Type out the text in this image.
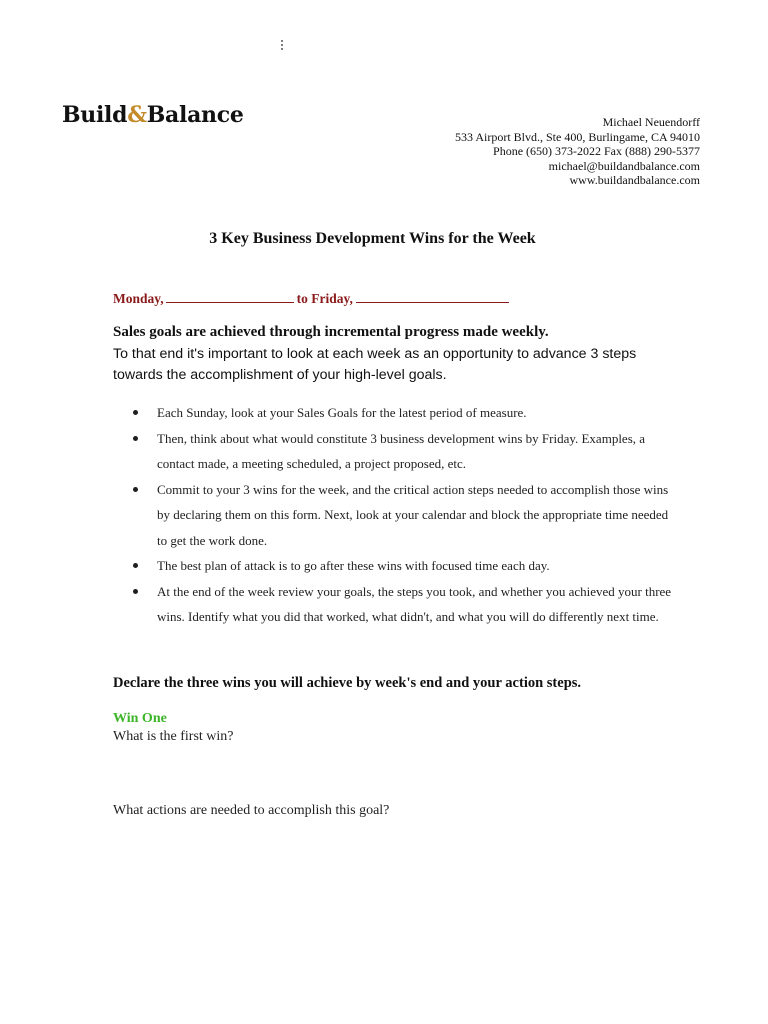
Build&Balance	Michael Neuendorff
533 Airport Blvd., Ste 400, Burlingame, CA 94010
Phone (650) 373-2022 Fax (888) 290-5377
michael@buildandbalance.com
www.buildandbalance.com
3 Key Business Development Wins for the Week
Monday,	to Friday,
Sales goals are achieved through incremental progress made weekly.
To that end it's important to look at each week as an opportunity to advance 3 steps towards the accomplishment of your high-level goals.
Each Sunday, look at your Sales Goals for the latest period of measure.
Then, think about what would constitute 3 business development wins by Friday. Examples, a contact made, a meeting scheduled, a project proposed, etc.
Commit to your 3 wins for the week, and the critical action steps needed to accomplish those wins by declaring them on this form. Next, look at your calendar and block the appropriate time needed to get the work done.
The best plan of attack is to go after these wins with focused time each day.
At the end of the week review your goals, the steps you took, and whether you achieved your three wins. Identify what you did that worked, what didn't, and what you will do differently next time.
Declare the three wins you will achieve by week's end and your action steps.
Win One
What is the first win?
What actions are needed to accomplish this goal?
